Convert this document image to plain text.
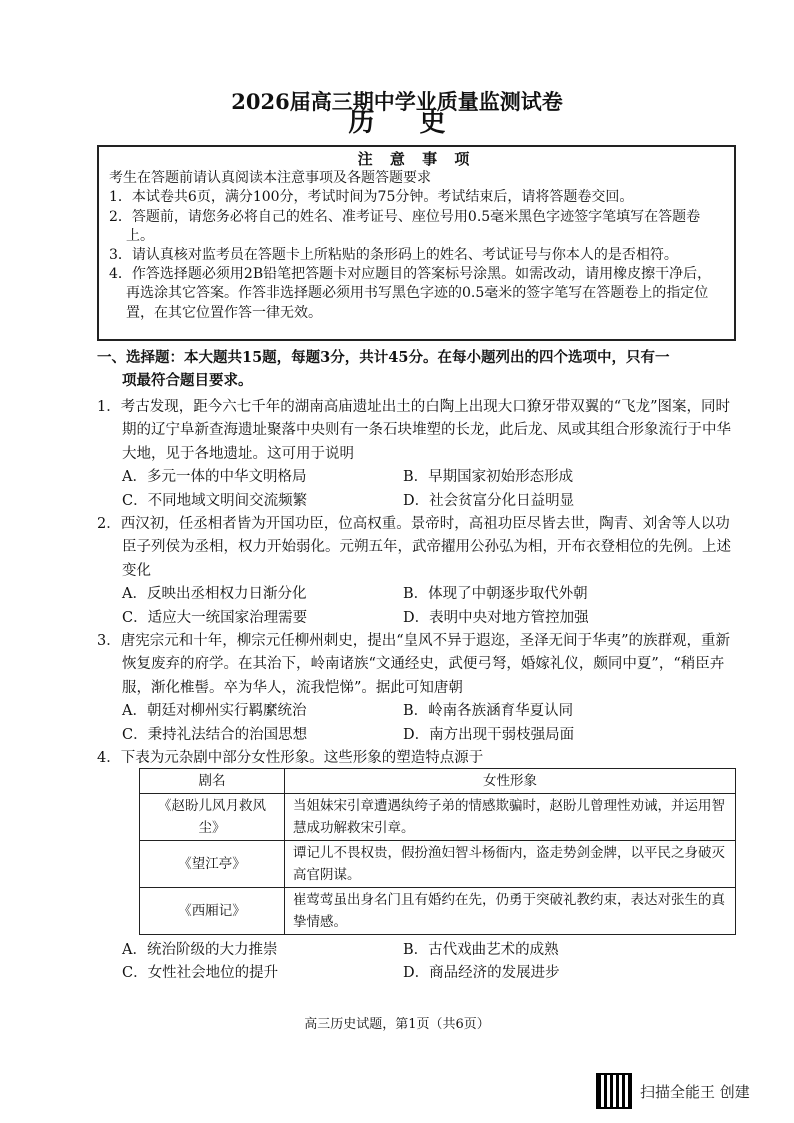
2026届高三期中学业质量监测试卷
历 史
注 意 事 项
考生在答题前请认真阅读本注意事项及各题答题要求
1．本试卷共6页，满分100分，考试时间为75分钟。考试结束后，请将答题卷交回。
2．答题前，请您务必将自己的姓名、准考证号、座位号用0.5毫米黑色字迹签字笔填写在答题卷上。
3．请认真核对监考员在答题卡上所粘贴的条形码上的姓名、考试证号与你本人的是否相符。
4．作答选择题必须用2B铅笔把答题卡对应题目的答案标号涂黑。如需改动，请用橡皮擦干净后，再选涂其它答案。作答非选择题必须用书写黑色字迹的0.5毫米的签字笔写在答题卷上的指定位置，在其它位置作答一律无效。
一、选择题：本大题共15题，每题3分，共计45分。在每小题列出的四个选项中，只有一
项最符合题目要求。
1．考古发现，距今六七千年的湖南高庙遗址出土的白陶上出现大口獠牙带双翼的“飞龙”图案，同时期的辽宁阜新查海遗址聚落中央则有一条石块堆塑的长龙，此后龙、凤或其组合形象流行于中华大地，见于各地遗址。这可用于说明
A．多元一体的中华文明格局	B．早期国家初始形态形成
C．不同地域文明间交流频繁	D．社会贫富分化日益明显
2．西汉初，任丞相者皆为开国功臣，位高权重。景帝时，高祖功臣尽皆去世，陶青、刘舍等人以功臣子列侯为丞相，权力开始弱化。元朔五年，武帝擢用公孙弘为相，开布衣登相位的先例。上述变化
A．反映出丞相权力日渐分化	B．体现了中朝逐步取代外朝
C．适应大一统国家治理需要	D．表明中央对地方管控加强
3．唐宪宗元和十年，柳宗元任柳州刺史，提出“皇风不异于遐迩，圣泽无间于华夷”的族群观，重新恢复废弃的府学。在其治下，岭南诸族“文通经史，武便弓弩，婚嫁礼仪，颇同中夏”，“稍臣卉服，渐化椎髻。卒为华人，流我恺悌”。据此可知唐朝
A．朝廷对柳州实行羁縻统治	B．岭南各族涵育华夏认同
C．秉持礼法结合的治国思想	D．南方出现干弱枝强局面
4．下表为元杂剧中部分女性形象。这些形象的塑造特点源于
剧名	女性形象
《赵盼儿风月救风尘》	当姐妹宋引章遭遇纨绔子弟的情感欺骗时，赵盼儿曾理性劝诫，并运用智慧成功解救宋引章。
《望江亭》	谭记儿不畏权贵，假扮渔妇智斗杨衙内，盗走势剑金牌，以平民之身破灭高官阴谋。
《西厢记》	崔莺莺虽出身名门且有婚约在先，仍勇于突破礼教约束，表达对张生的真挚情感。
A．统治阶级的大力推崇	B．古代戏曲艺术的成熟
C．女性社会地位的提升	D．商品经济的发展进步
高三历史试题，第1页（共6页）
扫描全能王 创建
